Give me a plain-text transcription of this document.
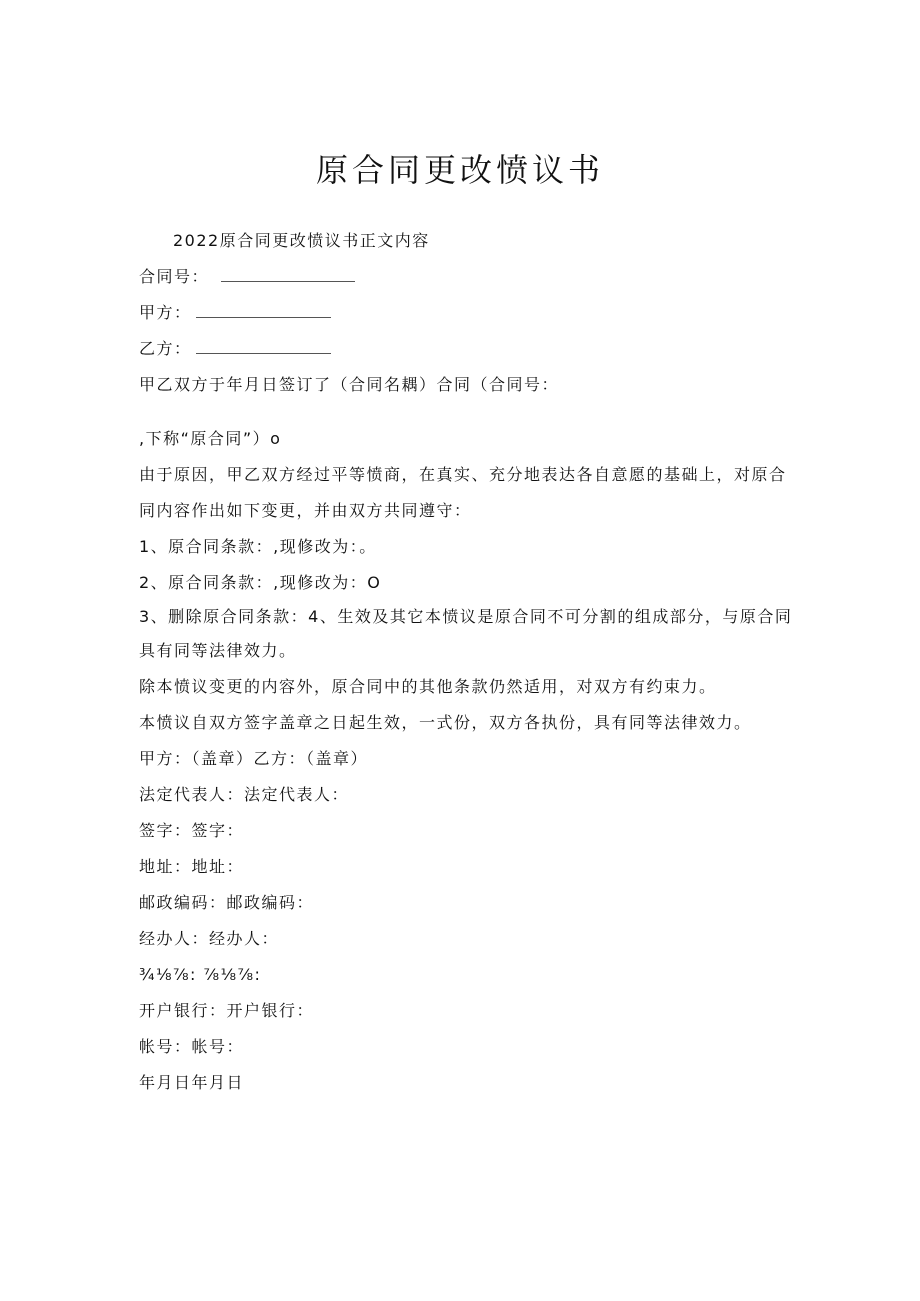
原合同更改愤议书
2022原合同更改愤议书正文内容
合同号：
甲方：
乙方：
甲乙双方于年月日签订了（合同名耦）合同（合同号：
,下称“原合同”）o
由于原因，甲乙双方经过平等愤商，在真实、充分地表达各自意愿的基础上，对原合
同内容作出如下变更，并由双方共同遵守：
1、原合同条款：,现修改为：。
2、原合同条款：,现修改为：O
3、删除原合同条款：4、生效及其它本愤议是原合同不可分割的组成部分，与原合同
具有同等法律效力。
除本愤议变更的内容外，原合同中的其他条款仍然适用，对双方有约束力。
本愤议自双方签字盖章之日起生效，一式份，双方各执份，具有同等法律效力。
甲方：（盖章）乙方：（盖章）
法定代表人：法定代表人：
签字：签字：
地址：地址：
邮政编码：邮政编码：
经办人：经办人：
¾⅛⅞: ⅞⅛⅞:
开户银行：开户银行：
帐号：帐号：
年月日年月日
